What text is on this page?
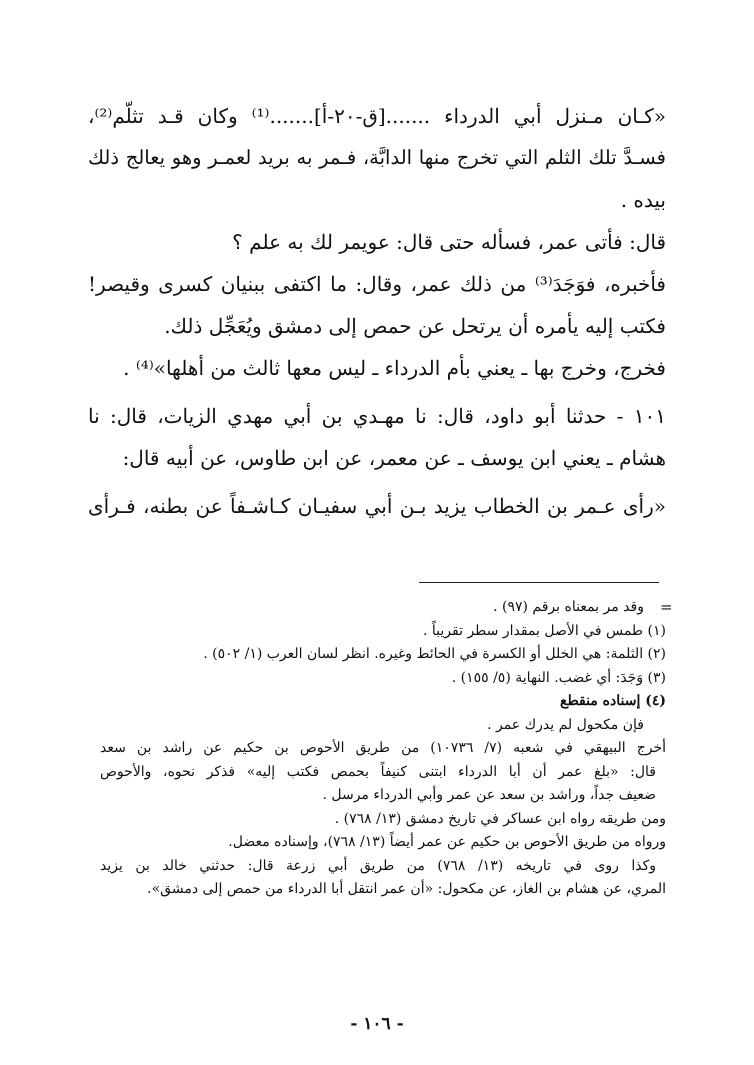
«كـان مـنزل أبي الدرداء .......[ق-٢٠-أ].......⁽¹⁾ وكان قـد تثلّم⁽²⁾،
فسـدَّ تلك الثلم التي تخرج منها الدابَّة، فـمر به بريد لعمـر وهو يعالج ذلك
بيده .
قال: فأتى عمر، فسأله حتى قال: عويمر لك به علم ؟
فأخبره، فوَجَدَ⁽³⁾ من ذلك عمر، وقال: ما اكتفى ببنيان كسرى وقيصر!
فكتب إليه يأمره أن يرتحل عن حمص إلى دمشق ويُعَجِّل ذلك.
فخرج، وخرج بها ـ يعني بأم الدرداء ـ ليس معها ثالث من أهلها»⁽⁴⁾ .
١٠١ - حدثنا أبو داود، قال: نا مهـدي بن أبي مهدي الزيات، قال: نا
هشام ـ يعني ابن يوسف ـ عن معمر، عن ابن طاوس، عن أبيه قال:
«رأى عـمر بن الخطاب يزيد بـن أبي سفيـان كـاشـفاً عن بطنه، فـرأى
=
وقد مر بمعناه برقم (٩٧) .
(١) طمس في الأصل بمقدار سطر تقريباً .
(٢) الثلمة: هي الخلل أو الكسرة في الحائط وغيره. انظر لسان العرب (١/ ٥٠٢) .
(٣) وَجَدَ: أي غضب. النهاية (٥/ ١٥٥) .
(٤) إسناده منقطع
فإن مكحول لم يدرك عمر .
أخرج البيهقي في شعبه (٧/ ١٠٧٣٦) من طريق الأحوص بن حكيم عن راشد بن سعد
قال: «بلغ عمر أن أبا الدرداء ابتنى كنيفاً بحمص فكتب إليه» فذكر نحوه، والأحوص
ضعيف جداً، وراشد بن سعد عن عمر وأبي الدرداء مرسل .
ومن طريقه رواه ابن عساكر في تاريخ دمشق (١٣/ ٧٦٨) .
ورواه من طريق الأحوص بن حكيم عن عمر أيضاً (١٣/ ٧٦٨)، وإسناده معضل.
وكذا روى في تاريخه (١٣/ ٧٦٨) من طريق أبي زرعة قال: حدثني خالد بن يزيد
المري، عن هشام بن الغاز، عن مكحول: «أن عمر انتقل أبا الدرداء من حمص إلى دمشق».
- ١٠٦ -
